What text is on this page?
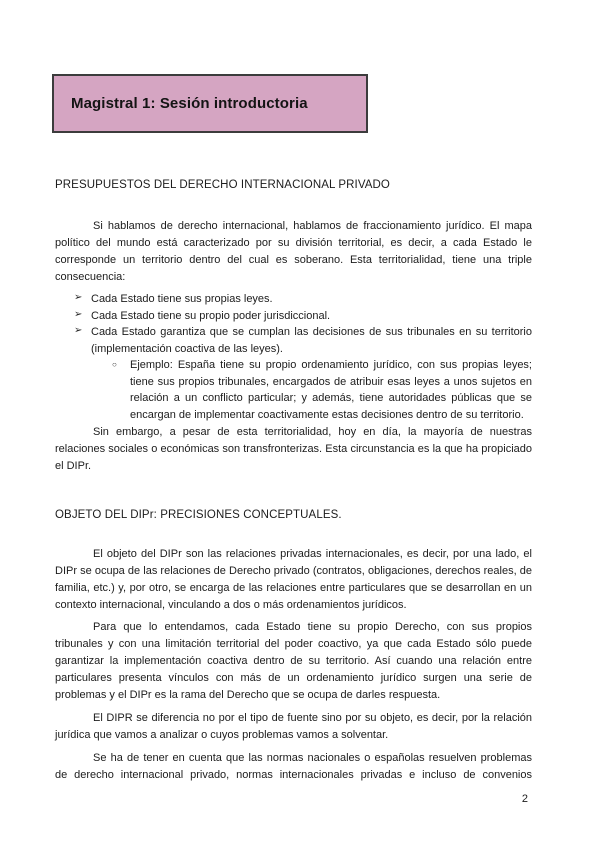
Magistral 1: Sesión introductoria
PRESUPUESTOS DEL DERECHO INTERNACIONAL PRIVADO

Si hablamos de derecho internacional, hablamos de fraccionamiento jurídico. El mapa político del mundo está caracterizado por su división territorial, es decir, a cada Estado le corresponde un territorio dentro del cual es soberano. Esta territorialidad, tiene una triple consecuencia:

➢ Cada Estado tiene sus propias leyes.
➢ Cada Estado tiene su propio poder jurisdiccional.
➢ Cada Estado garantiza que se cumplan las decisiones de sus tribunales en su territorio (implementación coactiva de las leyes).
○ Ejemplo: España tiene su propio ordenamiento jurídico, con sus propias leyes; tiene sus propios tribunales, encargados de atribuir esas leyes a unos sujetos en relación a un conflicto particular; y además, tiene autoridades públicas que se encargan de implementar coactivamente estas decisiones dentro de su territorio.

Sin embargo, a pesar de esta territorialidad, hoy en día, la mayoría de nuestras relaciones sociales o económicas son transfronterizas. Esta circunstancia es la que ha propiciado el DIPr.

OBJETO DEL DIPr: PRECISIONES CONCEPTUALES.

El objeto del DIPr son las relaciones privadas internacionales, es decir, por una lado, el DIPr se ocupa de las relaciones de Derecho privado (contratos, obligaciones, derechos reales, de familia, etc.) y, por otro, se encarga de las relaciones entre particulares que se desarrollan en un contexto internacional, vinculando a dos o más ordenamientos jurídicos.

Para que lo entendamos, cada Estado tiene su propio Derecho, con sus propios tribunales y con una limitación territorial del poder coactivo, ya que cada Estado sólo puede garantizar la implementación coactiva dentro de su territorio. Así cuando una relación entre particulares presenta vínculos con más de un ordenamiento jurídico surgen una serie de problemas y el DIPr es la rama del Derecho que se ocupa de darles respuesta.

El DIPR se diferencia no por el tipo de fuente sino por su objeto, es decir, por la relación jurídica que vamos a analizar o cuyos problemas vamos a solventar.

Se ha de tener en cuenta que las normas nacionales o españolas resuelven problemas de derecho internacional privado, normas internacionales privadas e incluso de convenios

2
